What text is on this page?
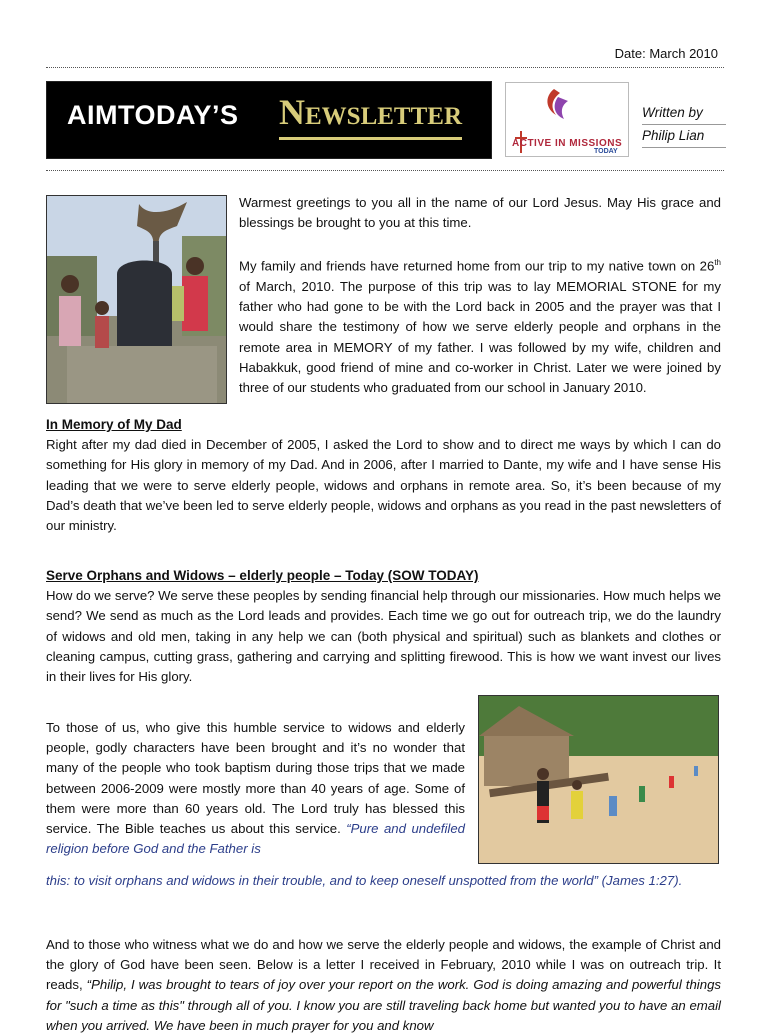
Date: March 2010
AIMTODAY’S NEWSLETTER
ACTIVE IN MISSIONS
TODAY
Written by
Philip Lian

Warmest greetings to you all in the name of our Lord Jesus. May His grace and blessings be brought to you at this time.

My family and friends have returned home from our trip to my native town on 26th of March, 2010. The purpose of this trip was to lay MEMORIAL STONE for my father who had gone to be with the Lord back in 2005 and the prayer was that I would share the testimony of how we serve elderly people and orphans in the remote area in MEMORY of my father. I was followed by my wife, children and Habakkuk, good friend of mine and co-worker in Christ. Later we were joined by three of our students who graduated from our school in January 2010.

In Memory of My Dad

Right after my dad died in December of 2005, I asked the Lord to show and to direct me ways by which I can do something for His glory in memory of my Dad. And in 2006, after I married to Dante, my wife and I have sense His leading that we were to serve elderly people, widows and orphans in remote area. So, it’s been because of my Dad’s death that we’ve been led to serve elderly people, widows and orphans as you read in the past newsletters of our ministry.

Serve Orphans and Widows – elderly people – Today (SOW TODAY)

How do we serve? We serve these peoples by sending financial help through our missionaries. How much helps we send? We send as much as the Lord leads and provides. Each time we go out for outreach trip, we do the laundry of widows and old men, taking in any help we can (both physical and spiritual) such as blankets and clothes or cleaning campus, cutting grass, gathering and carrying and splitting firewood. This is how we want invest our lives in their lives for His glory.

To those of us, who give this humble service to widows and elderly people, godly characters have been brought and it’s no wonder that many of the people who took baptism during those trips that we made between 2006-2009 were mostly more than 40 years of age. Some of them were more than 60 years old. The Lord truly has blessed this service. The Bible teaches us about this service. “Pure and undefiled religion before God and the Father is

this: to visit orphans and widows in their trouble, and to keep oneself unspotted from the world” (James 1:27).

And to those who witness what we do and how we serve the elderly people and widows, the example of Christ and the glory of God have been seen. Below is a letter I received in February, 2010 while I was on outreach trip. It reads, “Philip, I was brought to tears of joy over your report on the work. God is doing amazing and powerful things for "such a time as this" through all of you. I know you are still traveling back home but wanted you to have an email when you arrived. We have been in much prayer for you and know
